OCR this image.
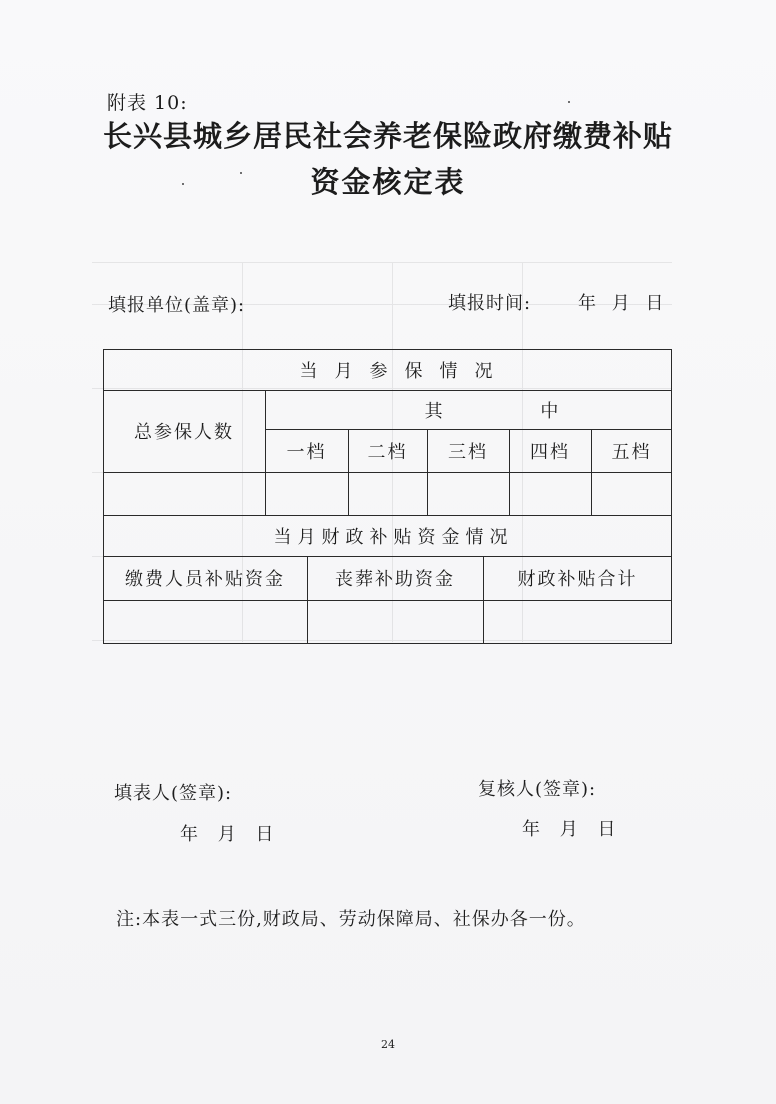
附表 10:
长兴县城乡居民社会养老保险政府缴费补贴
资金核定表
填报单位(盖章):	填报时间:	年 月 日
当月参保情况
总参保人数
其 中
一档	二档	三档	四档	五档
当月财政补贴资金情况
缴费人员补贴资金	丧葬补助资金	财政补贴合计
填表人(签章):
年 月 日
复核人(签章):
年 月 日
注:本表一式三份,财政局、劳动保障局、社保办各一份。
24
